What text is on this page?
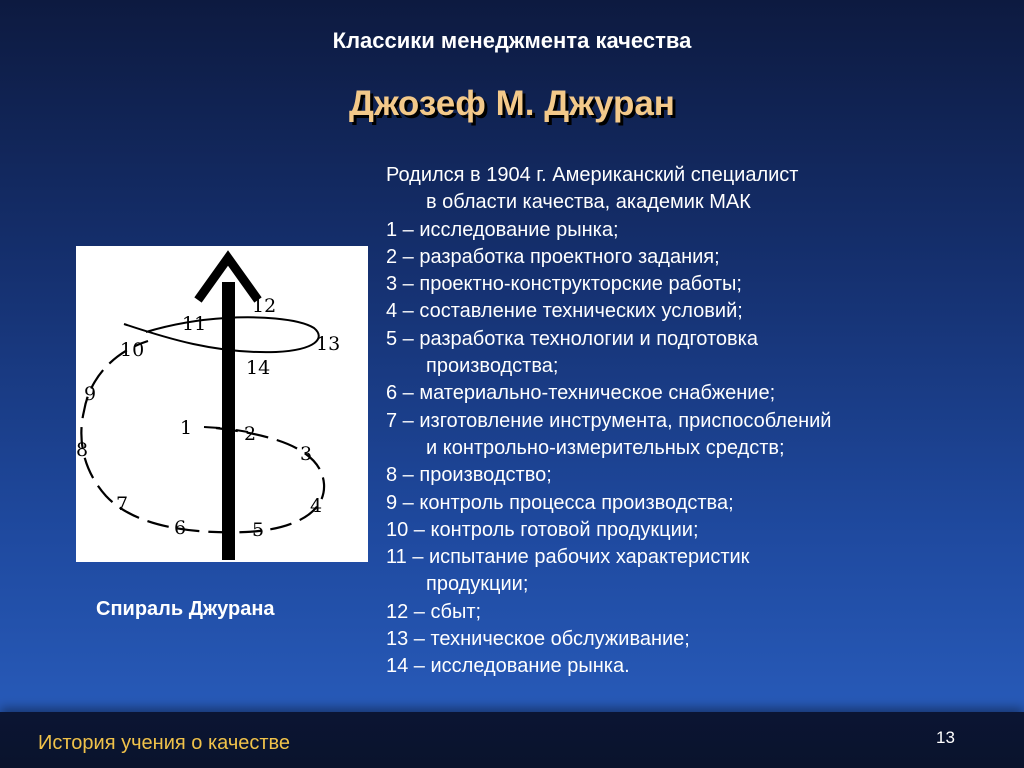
Классики менеджмента качества
Джозеф М. Джуран
1	2
3
4
5
6
7
8
9
10
11
12
13
14
Спираль Джурана
Родился в 1904 г. Американский специалист
в области качества, академик МАК
1 – исследование рынка;
2 – разработка проектного задания;
3 – проектно-конструкторские работы;
4 – составление технических условий;
5 – разработка технологии и подготовка
производства;
6 – материально-техническое снабжение;
7 – изготовление инструмента, приспособлений
и контрольно-измерительных средств;
8 – производство;
9 – контроль процесса производства;
10 – контроль готовой продукции;
11 – испытание рабочих характеристик
продукции;
12 – сбыт;
13 – техническое обслуживание;
14 – исследование рынка.
История учения о качестве	13
